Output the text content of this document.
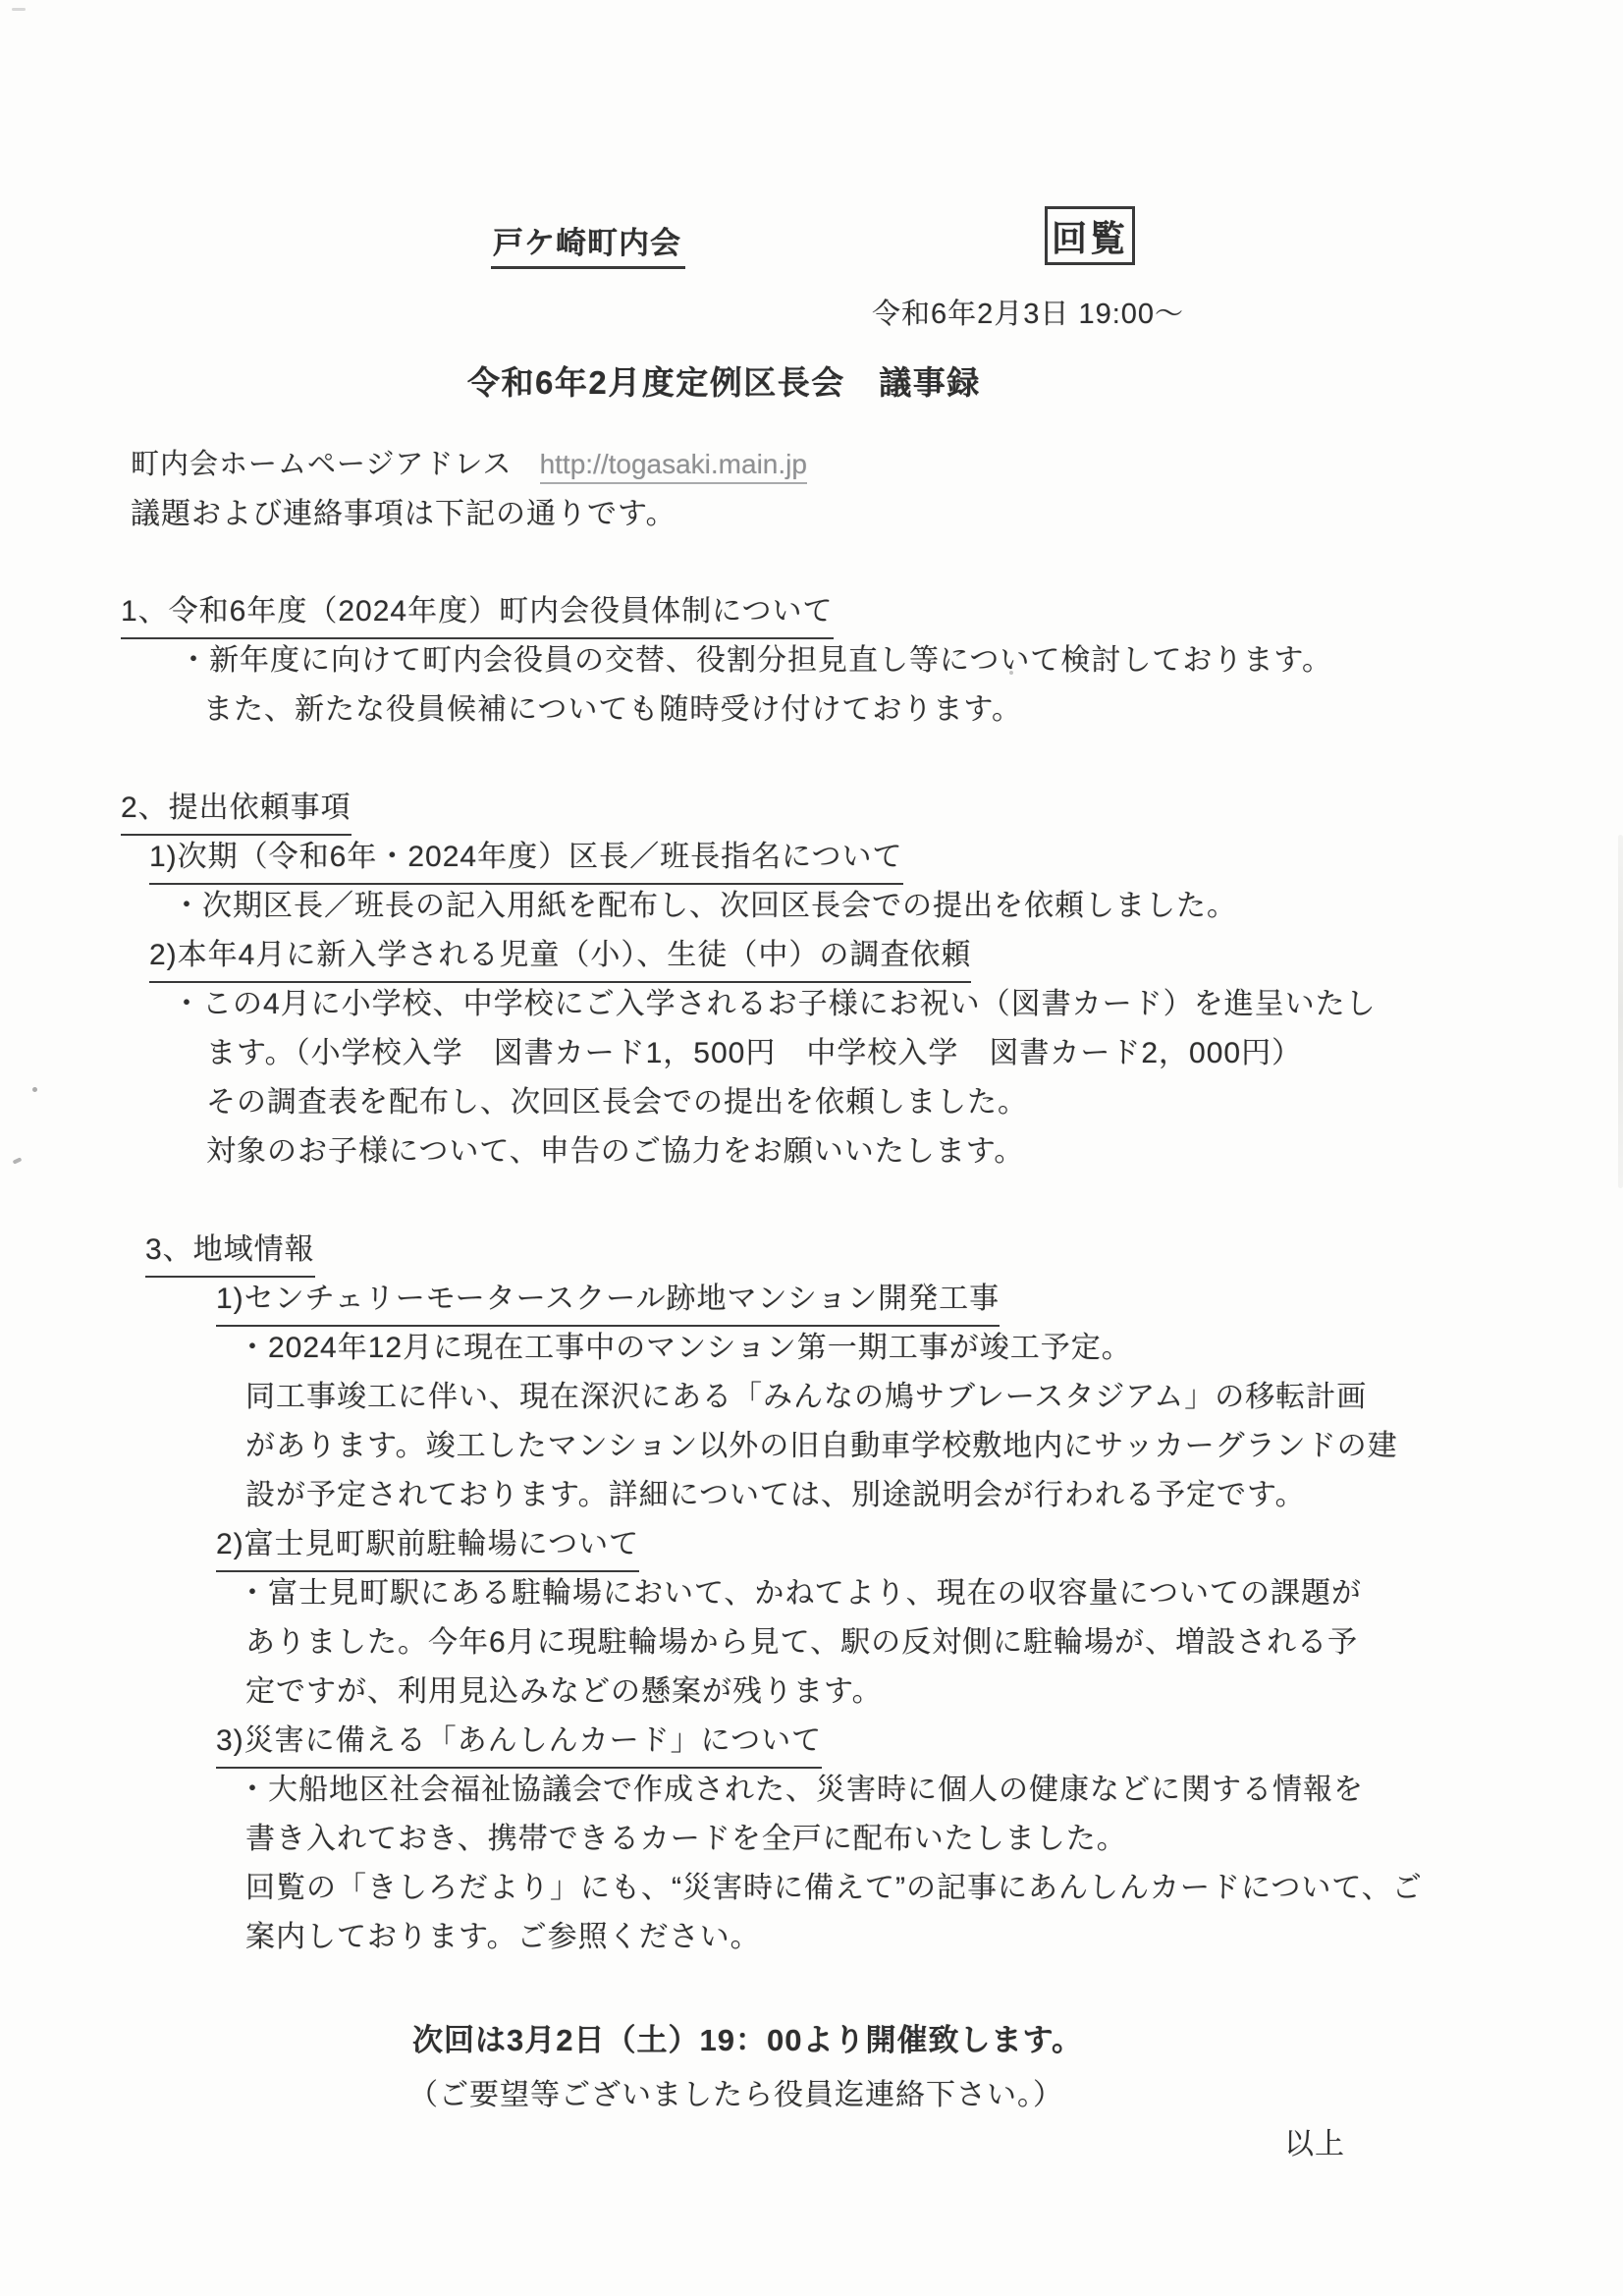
戸ケ崎町内会	回覧
令和6年2月3日 19:00～
令和6年2月度定例区長会　議事録
町内会ホームページアドレス http://togasaki.main.jp
議題および連絡事項は下記の通りです。
1、令和6年度（2024年度）町内会役員体制について
・新年度に向けて町内会役員の交替、役割分担見直し等について検討しております。
また、新たな役員候補についても随時受け付けております。
2、提出依頼事項
1)次期（令和6年・2024年度）区長／班長指名について
・次期区長／班長の記入用紙を配布し、次回区長会での提出を依頼しました。
2)本年4月に新入学される児童（小）、生徒（中）の調査依頼
・この4月に小学校、中学校にご入学されるお子様にお祝い（図書カード）を進呈いたし
ます。（小学校入学　図書カード1，500円　中学校入学　図書カード2，000円）
その調査表を配布し、次回区長会での提出を依頼しました。
対象のお子様について、申告のご協力をお願いいたします。
3、地域情報
1)センチェリーモータースクール跡地マンション開発工事
・2024年12月に現在工事中のマンション第一期工事が竣工予定。
同工事竣工に伴い、現在深沢にある「みんなの鳩サブレースタジアム」の移転計画
があります。竣工したマンション以外の旧自動車学校敷地内にサッカーグランドの建
設が予定されております。詳細については、別途説明会が行われる予定です。
2)富士見町駅前駐輪場について
・富士見町駅にある駐輪場において、かねてより、現在の収容量についての課題が
ありました。今年6月に現駐輪場から見て、駅の反対側に駐輪場が、増設される予
定ですが、利用見込みなどの懸案が残ります。
3)災害に備える「あんしんカード」について
・大船地区社会福祉協議会で作成された、災害時に個人の健康などに関する情報を
書き入れておき、携帯できるカードを全戸に配布いたしました。
回覧の「きしろだより」にも、“災害時に備えて”の記事にあんしんカードについて、ご
案内しております。ご参照ください。
次回は3月2日（土）19：00より開催致します。
（ご要望等ございましたら役員迄連絡下さい。）
以上
